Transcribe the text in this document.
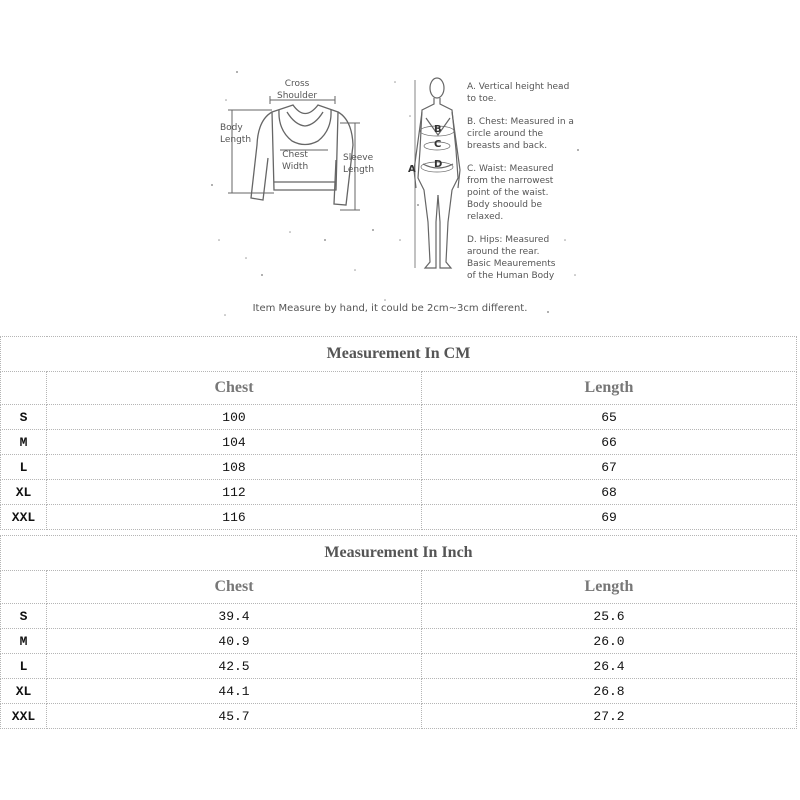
Cross
Shoulder
Body
Length
Chest
Width
Sleeve
Length	A
B
C
D
A. Vertical height head
to toe.
B. Chest: Measured in a
circle around the
breasts and back.
C. Waist: Measured
from the narrowest
point of the waist.
Body shoould be
relaxed.
D. Hips: Measured
around the rear.
Basic Meaurements
of the Human Body
Item Measure by hand, it could be 2cm~3cm different.
Measurement In CM		
	Chest	Length
S	100	65
M	104	66
L	108	67
XL	112	68
XXL	116	69
Measurement In Inch		
	Chest	Length
S	39.4	25.6
M	40.9	26.0
L	42.5	26.4
XL	44.1	26.8
XXL	45.7	27.2
